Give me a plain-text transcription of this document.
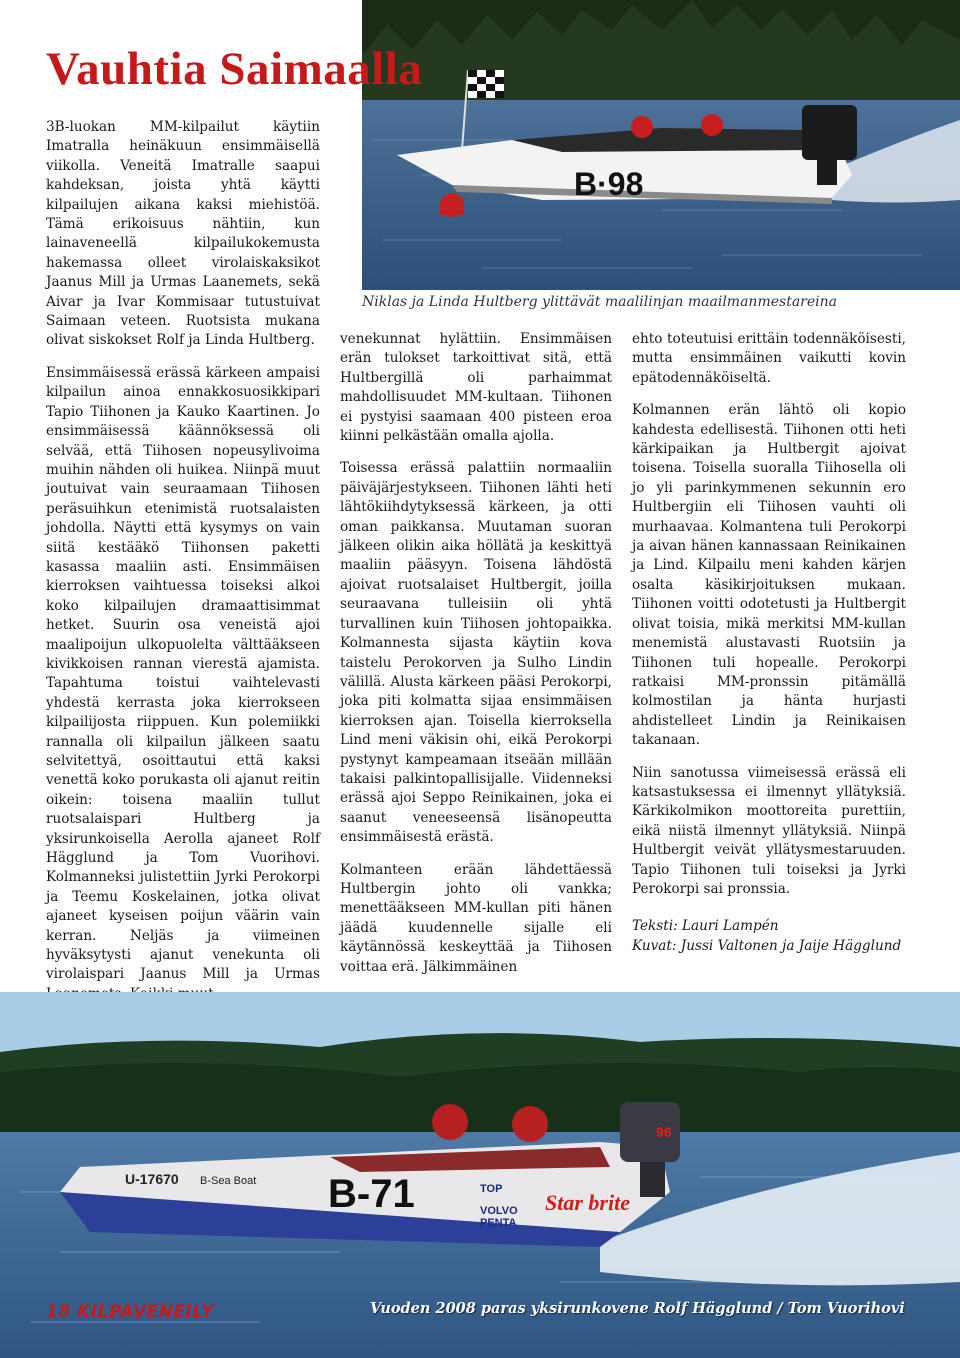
Vauhtia Saimaalla
B·98
Niklas ja Linda Hultberg ylittävät maalilinjan maailmanmestareina

3B-luokan MM-kilpailut käytiin Imatralla heinäkuun ensimmäisellä viikolla. Veneitä Imatralle saapui kahdeksan, joista yhtä käytti kilpailujen aikana kaksi miehistöä. Tämä erikoisuus nähtiin, kun lainaveneellä kilpailukokemusta hakemassa olleet virolaiskaksikot Jaanus Mill ja Urmas Laanemets, sekä Aivar ja Ivar Kommisaar tutustuivat Saimaan veteen. Ruotsista mukana olivat siskokset Rolf ja Linda Hultberg.

Ensimmäisessä erässä kärkeen ampaisi kilpailun ainoa ennakkosuosikkipari Tapio Tiihonen ja Kauko Kaartinen. Jo ensimmäisessä käännöksessä oli selvää, että Tiihosen nopeusylivoima muihin nähden oli huikea. Niinpä muut joutuivat vain seuraamaan Tiihosen peräsuihkun etenimistä ruotsalaisten johdolla. Näytti että kysymys on vain siitä kestääkö Tiihonsen paketti kasassa maaliin asti. Ensimmäisen kierroksen vaihtuessa toiseksi alkoi koko kilpailujen dramaattisimmat hetket. Suurin osa veneistä ajoi maalipoijun ulkopuolelta välttääkseen kivikkoisen rannan vierestä ajamista. Tapahtuma toistui vaihtelevasti yhdestä kerrasta joka kierrokseen kilpailijosta riippuen. Kun polemiikki rannalla oli kilpailun jälkeen saatu selvitettyä, osoittautui että kaksi venettä koko porukasta oli ajanut reitin oikein: toisena maaliin tullut ruotsalaispari Hultberg ja yksirunkoisella Aerolla ajaneet Rolf Hägglund ja Tom Vuorihovi. Kolmanneksi julistettiin Jyrki Perokorpi ja Teemu Koskelainen, jotka olivat ajaneet kyseisen poijun väärin vain kerran. Neljäs ja viimeinen hyväksytysti ajanut venekunta oli virolaispari Jaanus Mill ja Urmas

venekunnat hylättiin. Ensimmäisen erän tulokset tarkoittivat sitä, että Hultbergillä oli parhaimmat mahdollisuudet MM-kultaan. Tiihonen ei pystyisi saamaan 400 pisteen eroa kiinni pelkästään omalla ajolla.

Toisessa erässä palattiin normaaliin päiväjärjestykseen. Tiihonen lähti heti lähtökiihdytyksessä kärkeen, ja otti oman paikkansa. Muutaman suoran jälkeen olikin aika höllätä ja keskittyä maaliin pääsyyn. Toisena lähdöstä ajoivat ruotsalaiset Hultbergit, joilla seuraavana tulleisiin oli yhtä turvallinen kuin Tiihosen johtopaikka. Kolmannesta sijasta käytiin kova taistelu Perokorven ja Sulho Lindin välillä. Alusta kärkeen pääsi Perokorpi, joka piti kolmatta sijaa ensimmäisen kierroksen ajan. Toisella kierroksella Lind meni väkisin ohi, eikä Perokorpi pystynyt kampeamaan itseään millään takaisi palkintopallisijalle. Viidenneksi erässä ajoi Seppo Reinikainen, joka ei saanut veneeseensä lisänopeutta ensimmäisestä erästä.

Kolmanteen erään lähdettäessä Hultbergin johto oli vankka; menettääkseen MM-kullan piti hänen jäädä kuudennelle sijalle eli käytännössä keskeyttää ja Tiihosen voittaa erä. Jälkimmäinen

ehto toteutuisi erittäin todennäköisesti, mutta ensimmäinen vaikutti kovin epätodennäköiseltä.

Kolmannen erän lähtö oli kopio kahdesta edellisestä. Tiihonen otti heti kärkipaikan ja Hultbergit ajoivat toisena. Toisella suoralla Tiihosella oli jo yli parinkymmenen sekunnin ero Hultbergiin eli Tiihosen vauhti oli murhaavaa. Kolmantena tuli Perokorpi ja aivan hänen kannassaan Reinikainen ja Lind. Kilpailu meni kahden kärjen osalta käsikirjoituksen mukaan. Tiihonen voitti odotetusti ja Hultbergit olivat toisia, mikä merkitsi MM-kullan menemistä alustavasti Ruotsiin ja Tiihonen tuli hopealle. Perokorpi ratkaisi MM-pronssin pitämällä kolmostilan ja hänta hurjasti ahdistelleet Lindin ja Reinikaisen takanaan.

Niin sanotussa viimeisessä erässä eli katsastuksessa ei ilmennyt yllätyksiä. Kärkikolmikon moottoreita purettiin, eikä niistä ilmennyt yllätyksiä. Niinpä Hultbergit veivät yllätysmestaruuden. Tapio Tiihonen tuli toiseksi ja Jyrki Perokorpi sai pronssia.

Teksti: Lauri Lampén
Kuvat: Jussi Valtonen ja Jaije Hägglund

96
U-17670 B-Sea Boat B-71	TOP
VOLVO
PENTA
Star brite
18 KILPAVENEILY	Vuoden 2008 paras yksirunkovene Rolf Hägglund / Tom Vuorihovi
